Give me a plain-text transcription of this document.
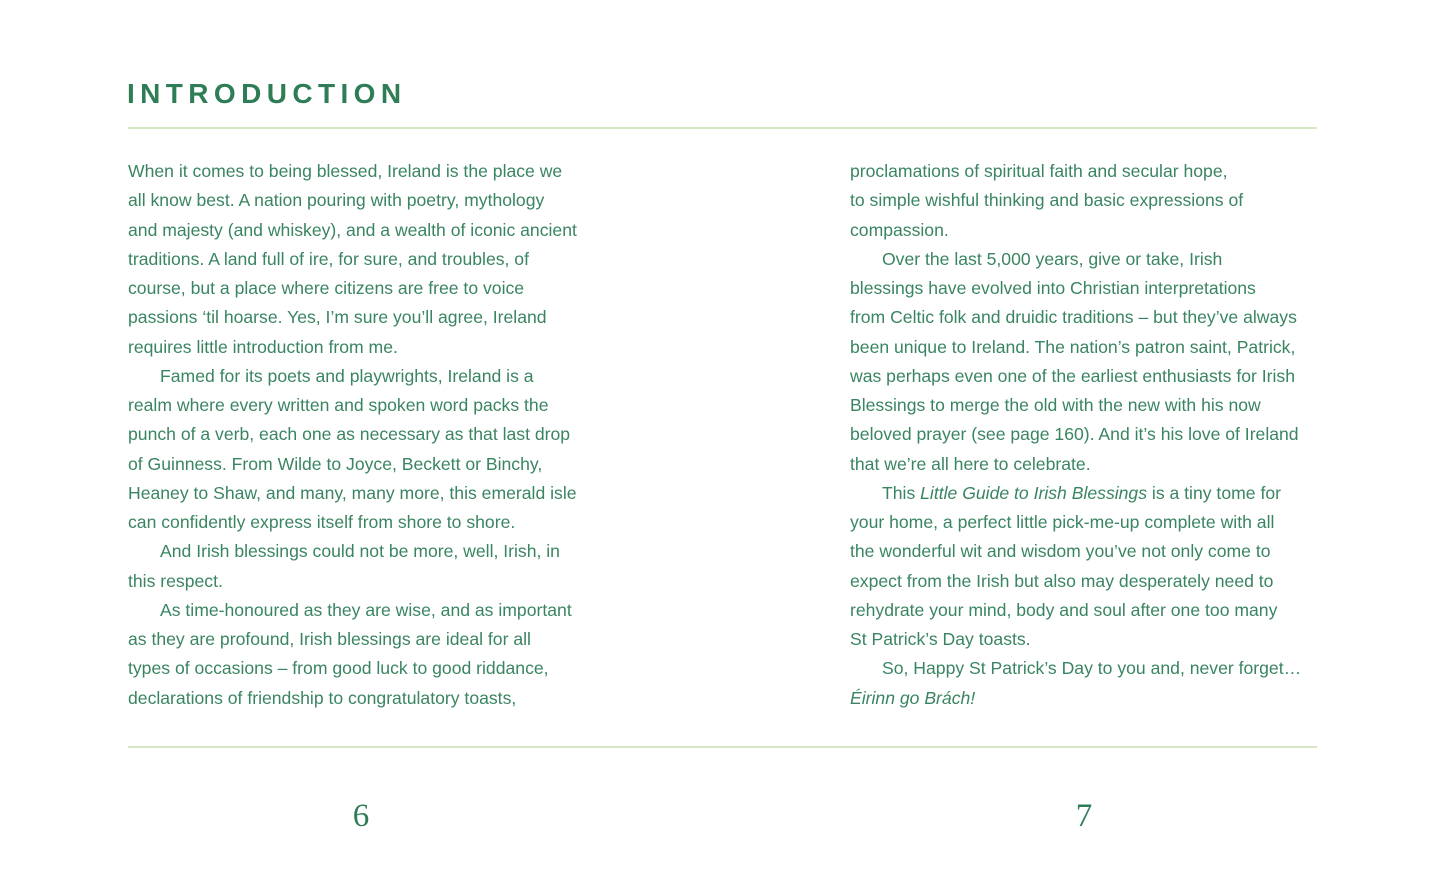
INTRODUCTION
When it comes to being blessed, Ireland is the place we
all know best. A nation pouring with poetry, mythology
and majesty (and whiskey), and a wealth of iconic ancient
traditions. A land full of ire, for sure, and troubles, of
course, but a place where citizens are free to voice
passions ‘til hoarse. Yes, I’m sure you’ll agree, Ireland
requires little introduction from me.
Famed for its poets and playwrights, Ireland is a
realm where every written and spoken word packs the
punch of a verb, each one as necessary as that last drop
of Guinness. From Wilde to Joyce, Beckett or Binchy,
Heaney to Shaw, and many, many more, this emerald isle
can confidently express itself from shore to shore.
And Irish blessings could not be more, well, Irish, in
this respect.
As time-honoured as they are wise, and as important
as they are profound, Irish blessings are ideal for all
types of occasions – from good luck to good riddance,
declarations of friendship to congratulatory toasts,
proclamations of spiritual faith and secular hope,
to simple wishful thinking and basic expressions of
compassion.
Over the last 5,000 years, give or take, Irish
blessings have evolved into Christian interpretations
from Celtic folk and druidic traditions – but they’ve always
been unique to Ireland. The nation’s patron saint, Patrick,
was perhaps even one of the earliest enthusiasts for Irish
Blessings to merge the old with the new with his now
beloved prayer (see page 160). And it’s his love of Ireland
that we’re all here to celebrate.
This Little Guide to Irish Blessings is a tiny tome for
your home, a perfect little pick-me-up complete with all
the wonderful wit and wisdom you’ve not only come to
expect from the Irish but also may desperately need to
rehydrate your mind, body and soul after one too many
St Patrick’s Day toasts.
So, Happy St Patrick’s Day to you and, never forget…
Éirinn go Brách!
6	7
